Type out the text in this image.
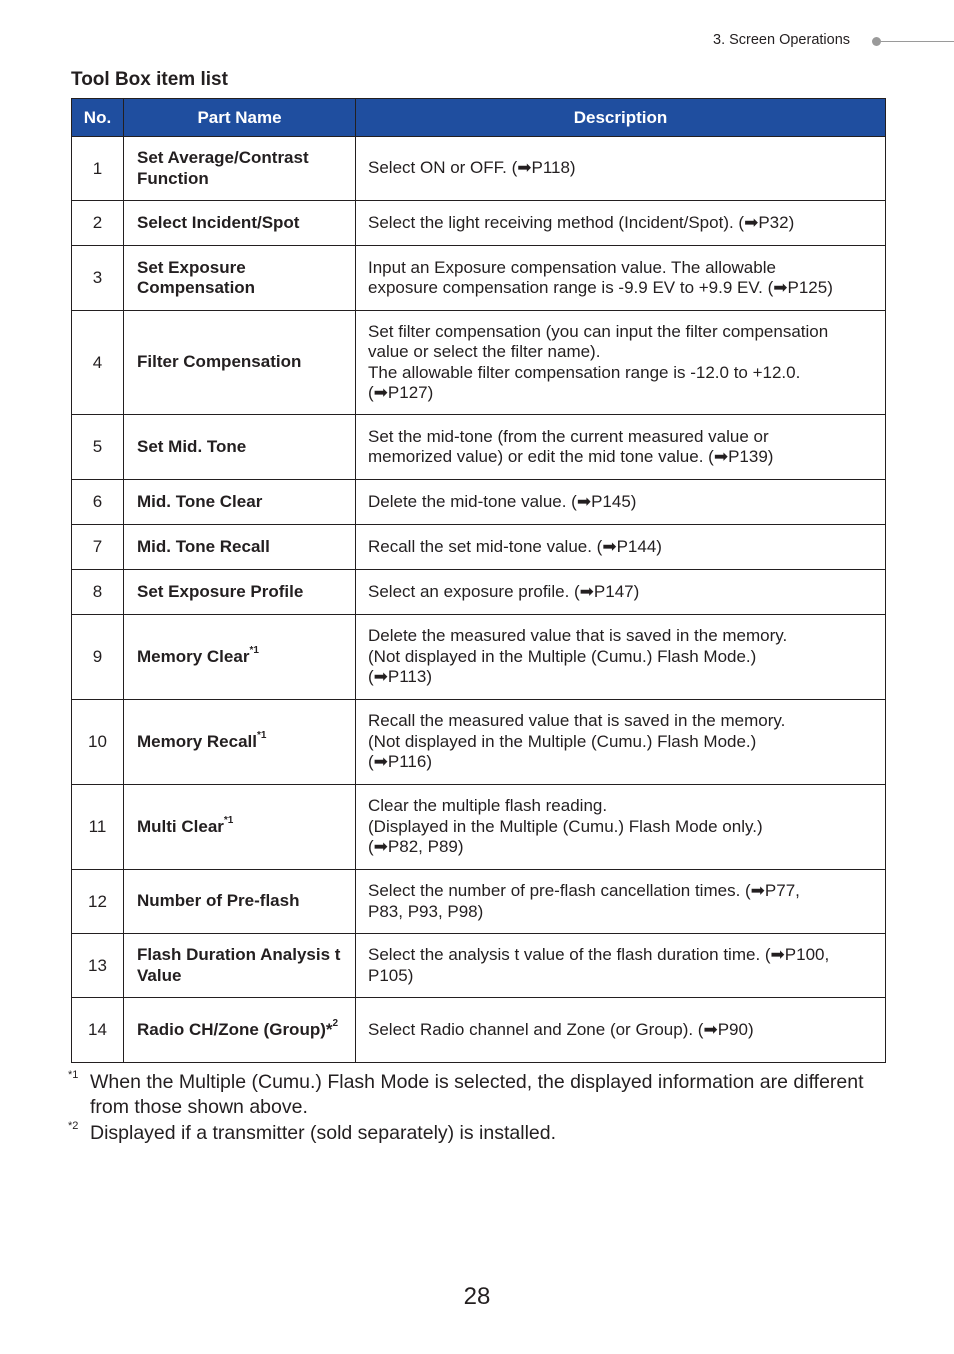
3. Screen Operations
Tool Box item list
No.	Part Name	Description
1	Set Average/Contrast Function	Select ON or OFF. (➡P118)
2	Select Incident/Spot	Select the light receiving method (Incident/Spot). (➡P32)
3	Set Exposure Compensation	Input an Exposure compensation value. The allowable
exposure compensation range is -9.9 EV to +9.9 EV. (➡P125)
4	Filter Compensation	Set filter compensation (you can input the filter compensation
value or select the filter name).
The allowable filter compensation range is -12.0 to +12.0.
(➡P127)
5	Set Mid. Tone	Set the mid-tone (from the current measured value or
memorized value) or edit the mid tone value. (➡P139)
6	Mid. Tone Clear	Delete the mid-tone value. (➡P145)
7	Mid. Tone Recall	Recall the set mid-tone value. (➡P144)
8	Set Exposure Profile	Select an exposure profile. (➡P147)
9	Memory Clear$^{*1}$	Delete the measured value that is saved in the memory.
(Not displayed in the Multiple (Cumu.) Flash Mode.)
(➡P113)
10	Memory Recall$^{*1}$	Recall the measured value that is saved in the memory.
(Not displayed in the Multiple (Cumu.) Flash Mode.)
(➡P116)
11	Multi Clear$^{*1}$	Clear the multiple flash reading.
(Displayed in the Multiple (Cumu.) Flash Mode only.)
(➡P82, P89)
12	Number of Pre-flash	Select the number of pre-flash cancellation times. (➡P77,
P83, P93, P98)
13	Flash Duration Analysis t Value	Select the analysis t value of the flash duration time. (➡P100,
P105)
14	Radio CH/Zone (Group)*$^2$	Select Radio channel and Zone (or Group). (➡P90)
*1 When the Multiple (Cumu.) Flash Mode is selected, the displayed information are different from those shown above.
*2 Displayed if a transmitter (sold separately) is installed.
28
